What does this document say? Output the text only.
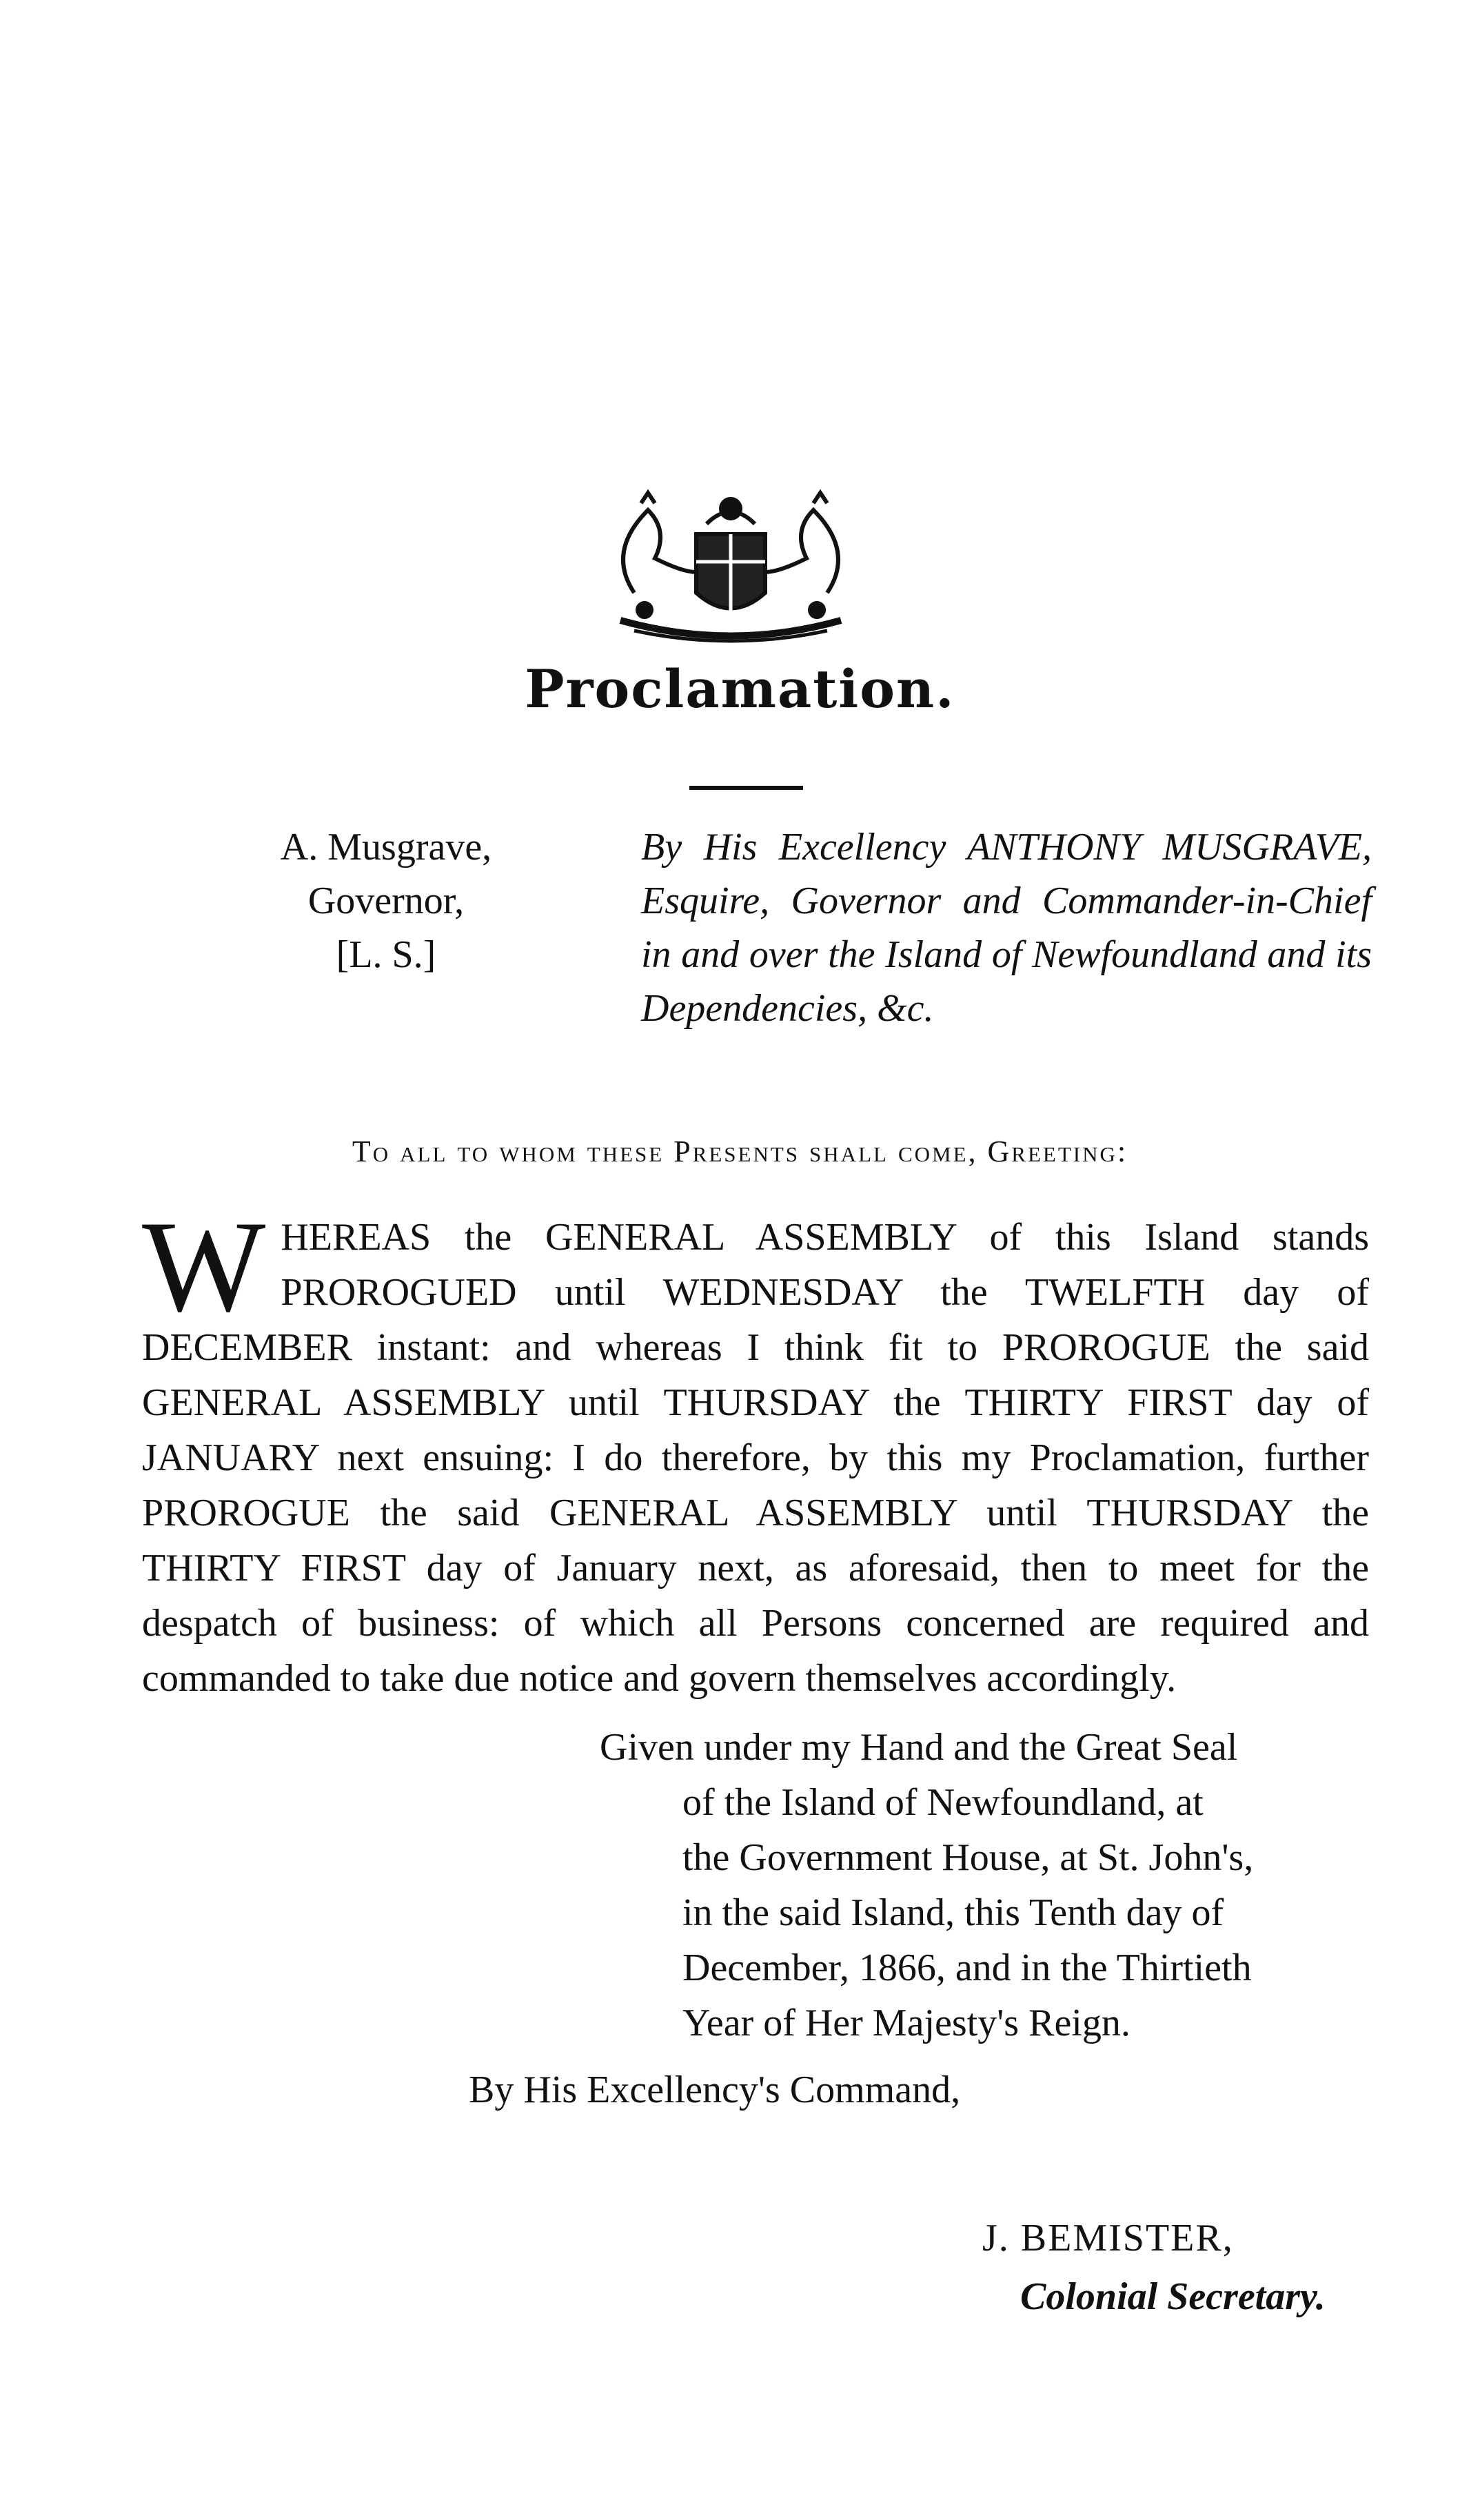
Proclamation.
A. Musgrave,
Governor,
[L. S.]
By His Excellency ANTHONY MUSGRAVE, Esquire, Governor and Commander-in-Chief in and over the Island of Newfoundland and its Dependencies, &c.
To all to whom these Presents shall come, Greeting:
W HEREAS the GENERAL ASSEMBLY of this Island stands PROROGUED until WEDNESDAY the TWELFTH day of DECEMBER instant: and whereas I think fit to PROROGUE the said GENERAL ASSEMBLY until THURSDAY the THIRTY FIRST day of JANUARY next ensuing: I do therefore, by this my Proclamation, further PROROGUE the said GENERAL ASSEMBLY until THURSDAY the THIRTY FIRST day of January next, as aforesaid, then to meet for the despatch of business: of which all Persons concerned are required and commanded to take due notice and govern themselves accordingly.
Given under my Hand and the Great Seal
of the Island of Newfoundland, at
the Government House, at St. John's,
in the said Island, this Tenth day of
December, 1866, and in the Thirtieth
Year of Her Majesty's Reign.
By His Excellency's Command,
J. BEMISTER,
Colonial Secretary.
